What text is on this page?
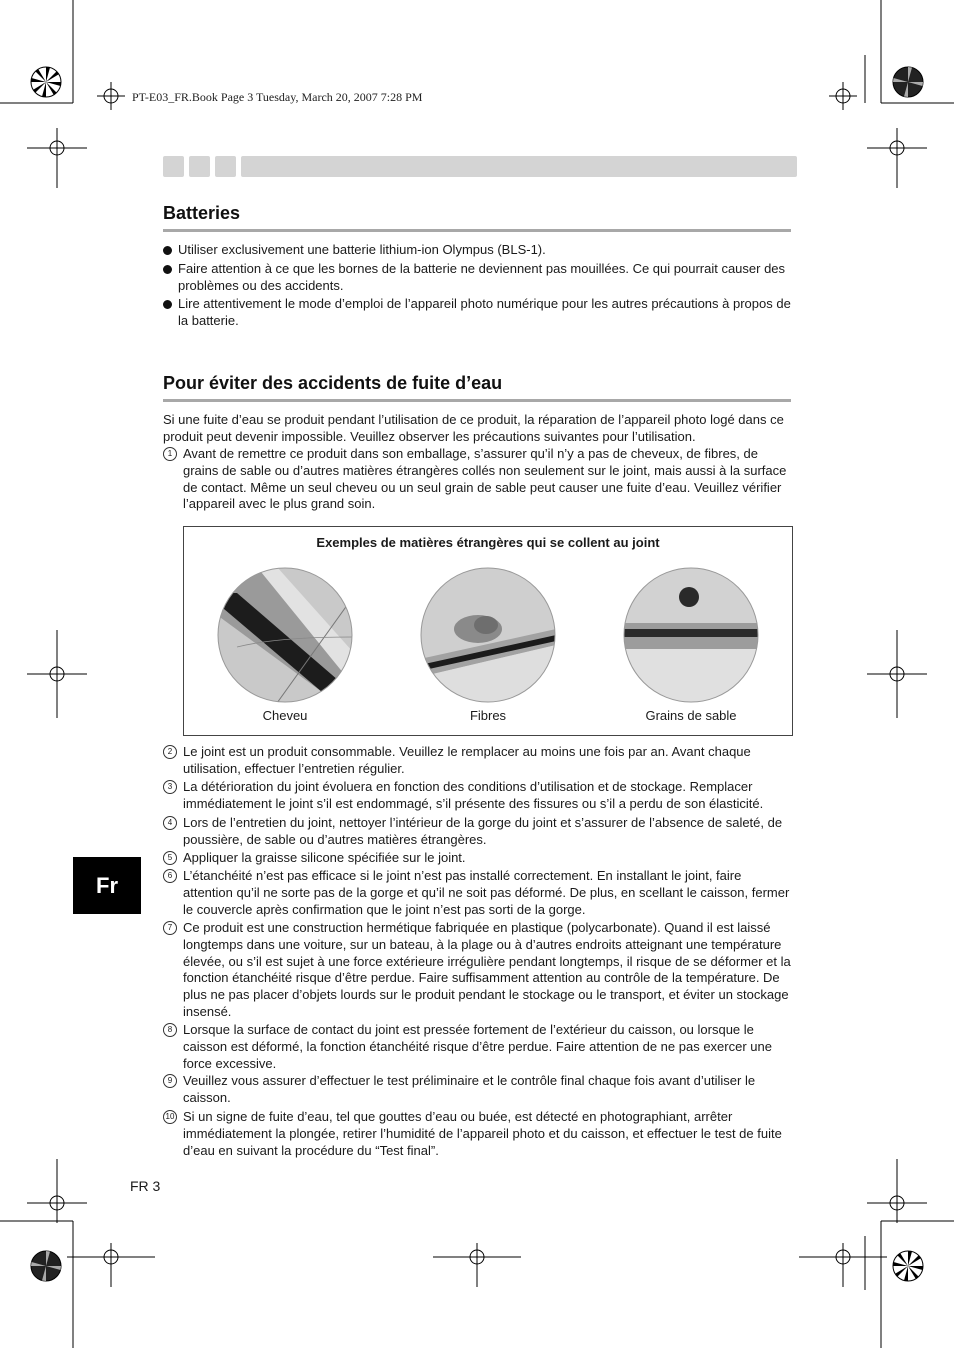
PT-E03_FR.Book Page 3 Tuesday, March 20, 2007 7:28 PM
Batteries
Utiliser exclusivement une batterie lithium-ion Olympus (BLS-1).
Faire attention à ce que les bornes de la batterie ne deviennent pas mouillées. Ce qui pourrait causer des problèmes ou des accidents.
Lire attentivement le mode d’emploi de l’appareil photo numérique pour les autres précautions à propos de la batterie.
Pour éviter des accidents de fuite d’eau
Si une fuite d’eau se produit pendant l’utilisation de ce produit, la réparation de l’appareil photo logé dans ce produit peut devenir impossible. Veuillez observer les précautions suivantes pour l’utilisation.
1 Avant de remettre ce produit dans son emballage, s’assurer qu’il n’y a pas de cheveux, de fibres, de grains de sable ou d’autres matières étrangères collés non seulement sur le joint, mais aussi à la surface de contact. Même un seul cheveu ou un seul grain de sable peut causer une fuite d’eau. Veuillez vérifier l’appareil avec le plus grand soin.
Exemples de matières étrangères qui se collent au joint
Cheveu	Fibres	Grains de sable
2 Le joint est un produit consommable. Veuillez le remplacer au moins une fois par an. Avant chaque utilisation, effectuer l’entretien régulier.
3 La détérioration du joint évoluera en fonction des conditions d’utilisation et de stockage. Remplacer immédiatement le joint s’il est endommagé, s’il présente des fissures ou s’il a perdu de son élasticité.
4 Lors de l’entretien du joint, nettoyer l’intérieur de la gorge du joint et s’assurer de l’absence de saleté, de poussière, de sable ou d’autres matières étrangères.
5 Appliquer la graisse silicone spécifiée sur le joint.
6 L’étanchéité n’est pas efficace si le joint n’est pas installé correctement. En installant le joint, faire attention qu’il ne sorte pas de la gorge et qu’il ne soit pas déformé. De plus, en scellant le caisson, fermer le couvercle après confirmation que le joint n’est pas sorti de la gorge.
7 Ce produit est une construction hermétique fabriquée en plastique (polycarbonate). Quand il est laissé longtemps dans une voiture, sur un bateau, à la plage ou à d’autres endroits atteignant une température élevée, ou s’il est sujet à une force extérieure irrégulière pendant longtemps, il risque de se déformer et la fonction étanchéité risque d’être perdue. Faire suffisamment attention au contrôle de la température. De plus ne pas placer d’objets lourds sur le produit pendant le stockage ou le transport, et éviter un stockage insensé.
8 Lorsque la surface de contact du joint est pressée fortement de l’extérieur du caisson, ou lorsque le caisson est déformé, la fonction étanchéité risque d’être perdue. Faire attention de ne pas exercer une force excessive.
9 Veuillez vous assurer d’effectuer le test préliminaire et le contrôle final chaque fois avant d’utiliser le caisson.
10 Si un signe de fuite d’eau, tel que gouttes d’eau ou buée, est détecté en photographiant, arrêter immédiatement la plongée, retirer l’humidité de l’appareil photo et du caisson, et effectuer le test de fuite d’eau en suivant la procédure du “Test final”.
Fr
FR 3
